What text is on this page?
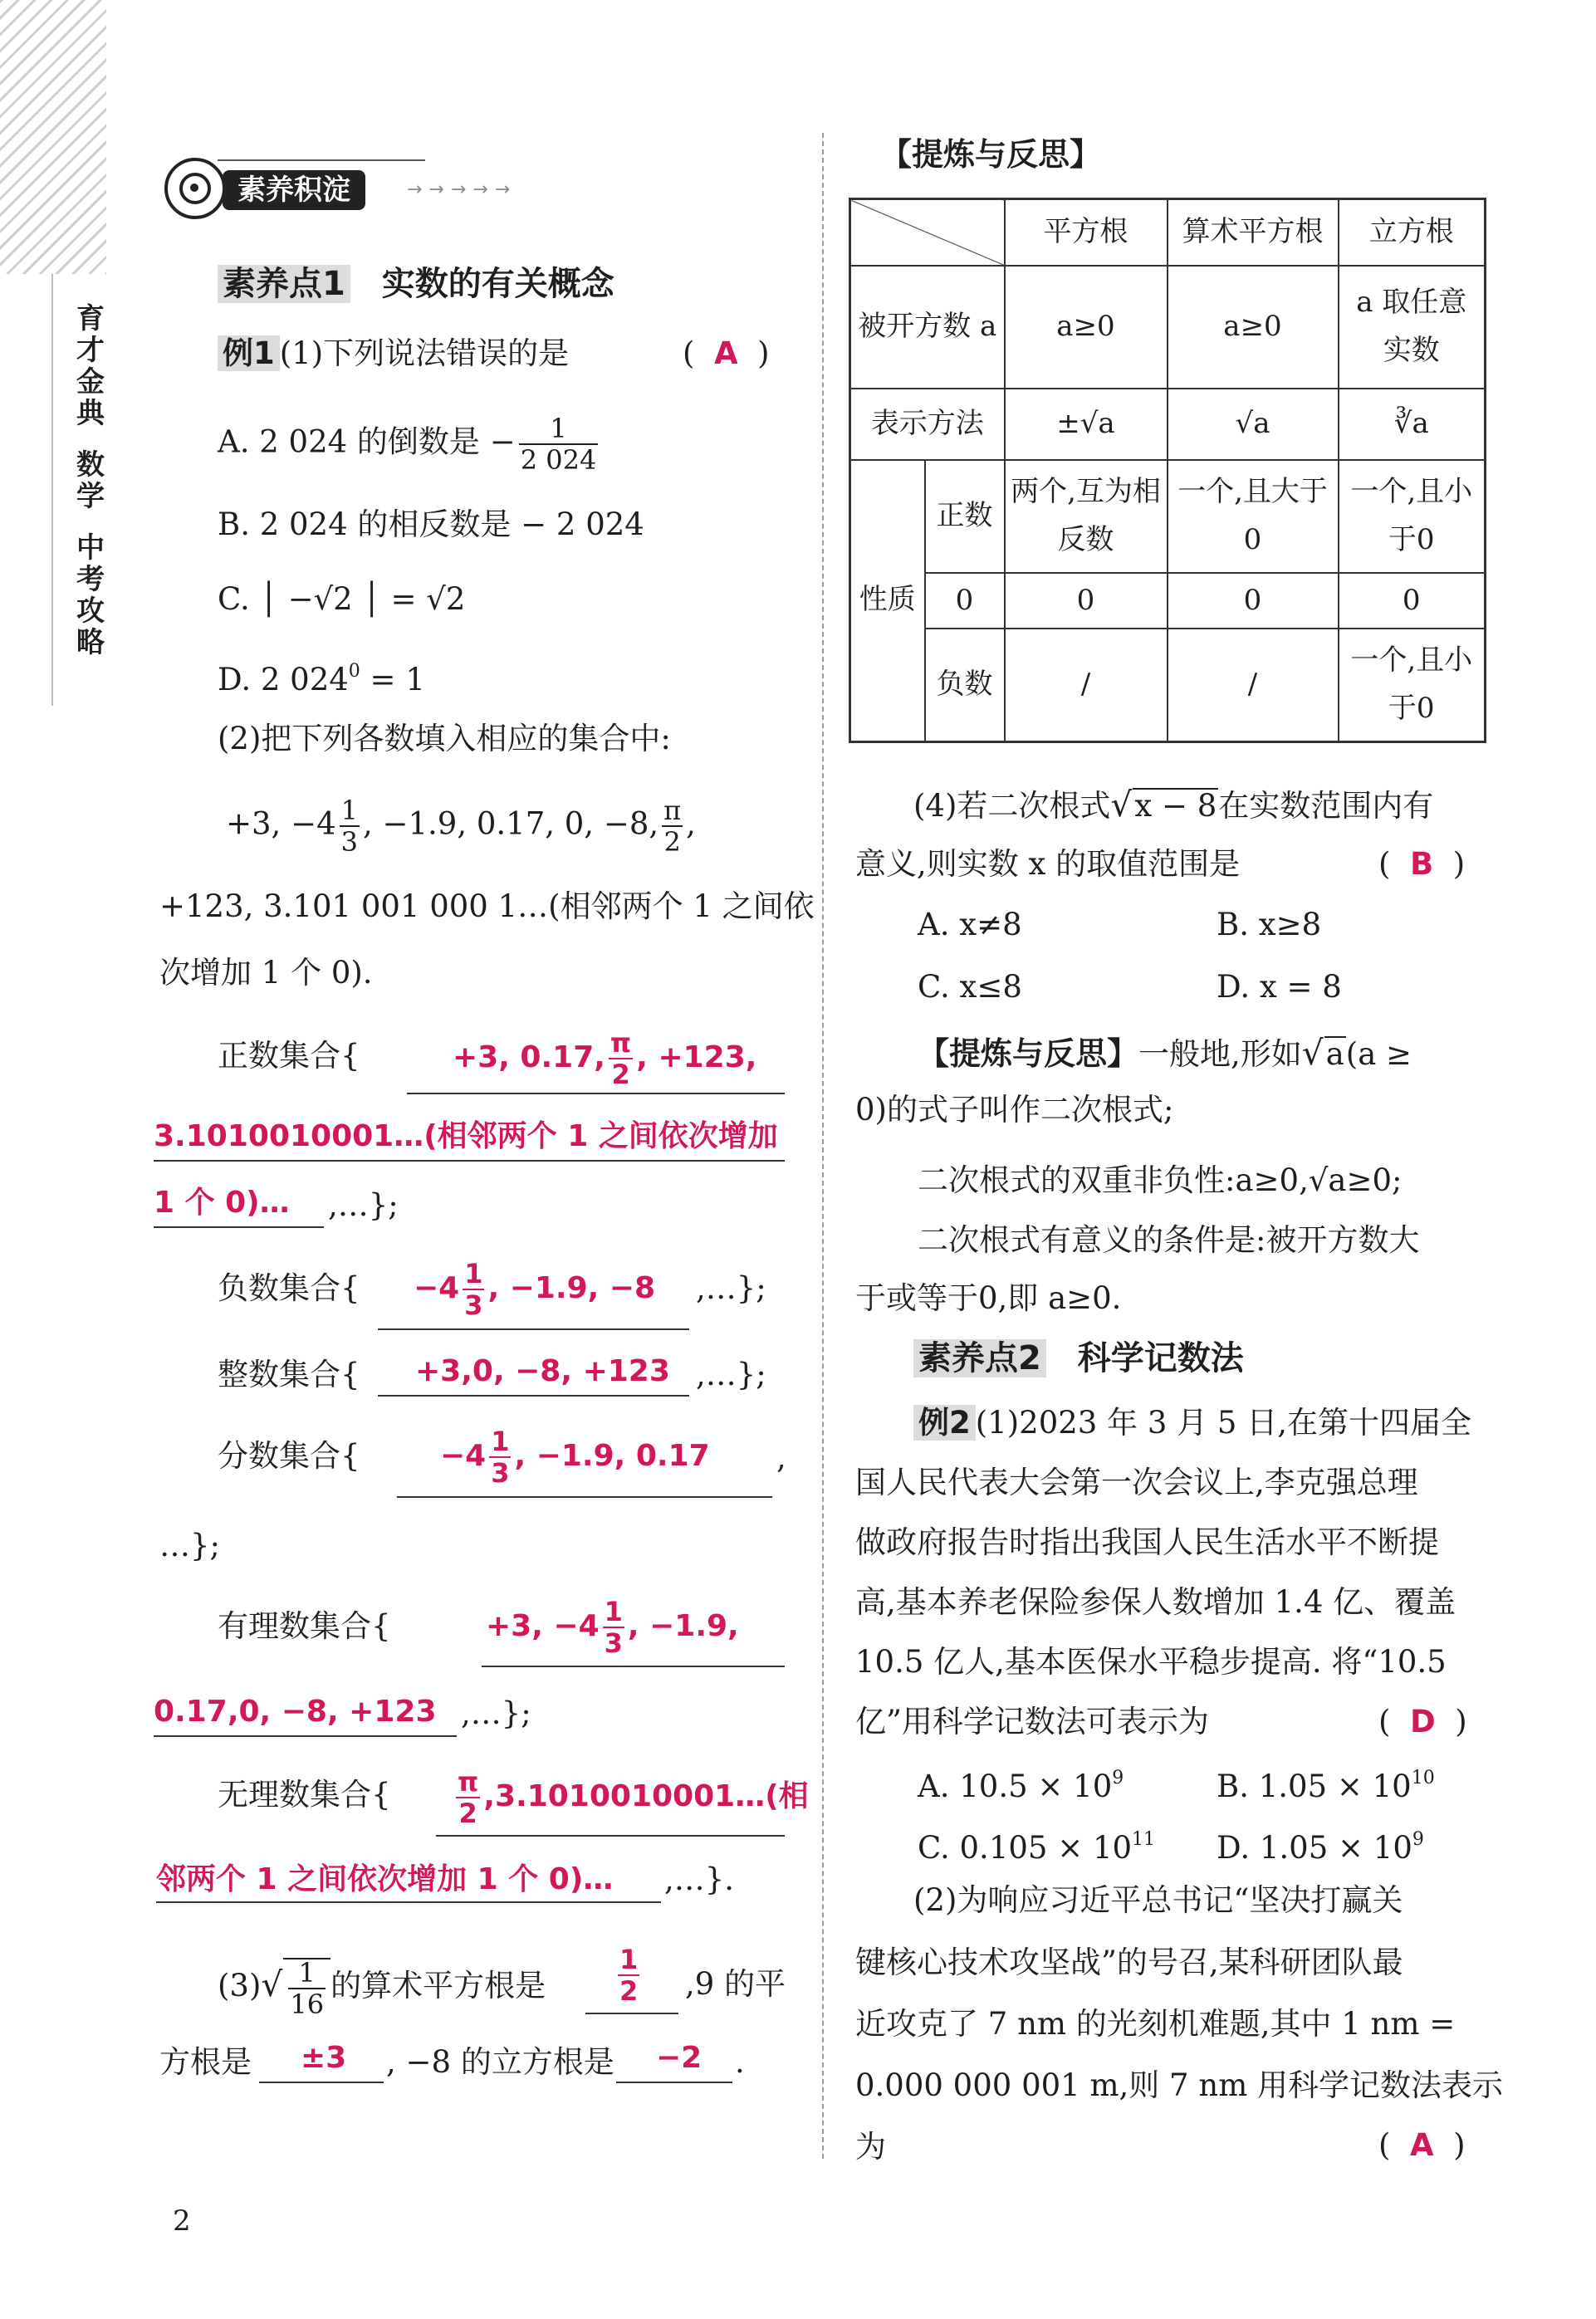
育才金典
数学
中考攻略
素养积淀	→→→→→
素养点1 实数的有关概念
例1 (1)下列说法错误的是	(  A  )
A. 2 024 的倒数是 − $\frac{1}{2 024}$
B. 2 024 的相反数是 − 2 024
C. │ −√2 │ = √2
D. 2 $024^0 = 1$
(2)把下列各数填入相应的集合中:
+3, $-4 \frac{1}{3}$ , −1.9, 0.17, 0, −8, $\frac{\pi}{2}$ ,
+123, 3.101 001 000 1…(相邻两个 1 之间依
次增加 1 个 0).
正数集合{	+3, 0.17, $\frac{\pi}{2}$ , +123,
3.1010010001…(相邻两个 1 之间依次增加
1 个 0)… ,…};
负数集合{ $-4 \frac{1}{3}$ , −1.9, −8 ,…};
整数集合{ +3,0, −8, +123 ,…};
分数集合{	$-4 \frac{1}{3}$ , −1.9, 0.17 ,
…};
有理数集合{	+3, $-4 \frac{1}{3}$ , −1.9,
0.17,0, −8, +123 ,…};
无理数集合{ $\frac{\pi}{2}$ ,3.1010010001…(相
邻两个 1 之间依次增加 1 个 0)… ,…}.
$(3)√ \frac{1}{16}$ 的算术平方根是	$\frac{1}{2} ,9$ 的平
方根是 ±3 , −8 的立方根是 −2 .
【提炼与反思】
		平方根	算术平方根	立方根
被开方数 a		a≥0	a≥0	a 取任意实数
表示方法		±√a	√a	∛a
性质	正数	两个,互为相反数	一个,且大于0	一个,且小于0
	0	0	0	0
	负数	/	/	一个,且小于0
(4)若二次根式√x − 8在实数范围内有
意义,则实数 x 的取值范围是	(  B  )
A. x≠8	B. x≥8
C. x≤8	D. x = 8
【提炼与反思】一般地,形如√a(a ≥
0)的式子叫作二次根式;
二次根式的双重非负性:a≥0,√a≥0;
二次根式有意义的条件是:被开方数大
于或等于0,即 a≥0.
素养点2 科学记数法
例2 (1)2023 年 3 月 5 日,在第十四届全
国人民代表大会第一次会议上,李克强总理
做政府报告时指出我国人民生活水平不断提
高,基本养老保险参保人数增加 1.4 亿、覆盖
10.5 亿人,基本医保水平稳步提高. 将“10.5
亿”用科学记数法可表示为	(  D  )
A. $10.5 \times 10^9$	B. $1.05 \times 10^{10}$
C. $0.105 \times 10^{11}$ D. $1.05 \times 10^9$
(2)为响应习近平总书记“坚决打赢关
键核心技术攻坚战”的号召,某科研团队最
近攻克了 7 nm 的光刻机难题,其中 1 nm =
0.000 000 001 m,则 7 nm 用科学记数法表示
为	(  A  )
2
